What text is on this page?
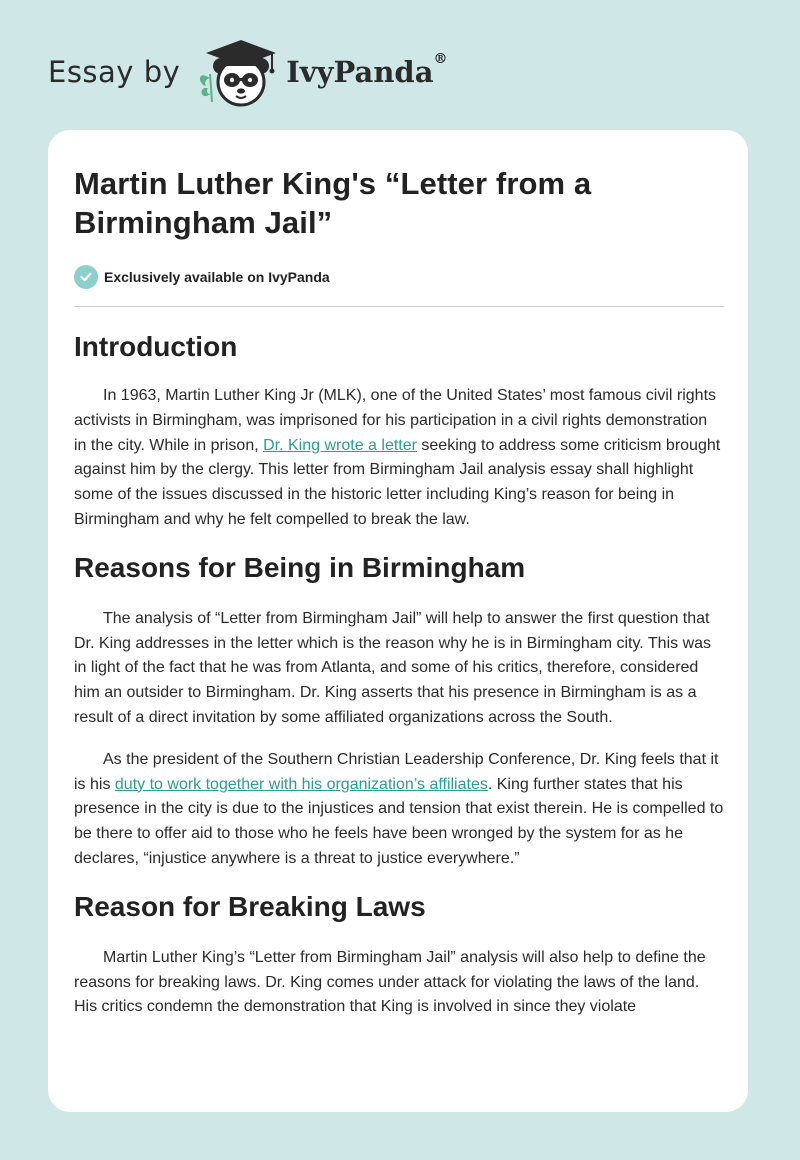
Essay by	IvyPanda®
Martin Luther King's “Letter from a
Birmingham Jail”
Exclusively available on IvyPanda
Introduction

In 1963, Martin Luther King Jr (MLK), one of the United States’ most famous civil rights activists in Birmingham, was imprisoned for his participation in a civil rights demonstration in the city. While in prison, Dr. King wrote a letter seeking to address some criticism brought against him by the clergy. This letter from Birmingham Jail analysis essay shall highlight some of the issues discussed in the historic letter including King’s reason for being in Birmingham and why he felt compelled to break the law.

Reasons for Being in Birmingham

The analysis of “Letter from Birmingham Jail” will help to answer the first question that Dr. King addresses in the letter which is the reason why he is in Birmingham city. This was in light of the fact that he was from Atlanta, and some of his critics, therefore, considered him an outsider to Birmingham. Dr. King asserts that his presence in Birmingham is as a result of a direct invitation by some affiliated organizations across the South.

As the president of the Southern Christian Leadership Conference, Dr. King feels that it is his duty to work together with his organization’s affiliates. King further states that his presence in the city is due to the injustices and tension that exist therein. He is compelled to be there to offer aid to those who he feels have been wronged by the system for as he declares, “injustice anywhere is a threat to justice everywhere.”

Reason for Breaking Laws

Martin Luther King’s “Letter from Birmingham Jail” analysis will also help to define the reasons for breaking laws. Dr. King comes under attack for violating the laws of the land. His critics condemn the demonstration that King is involved in since they violate
